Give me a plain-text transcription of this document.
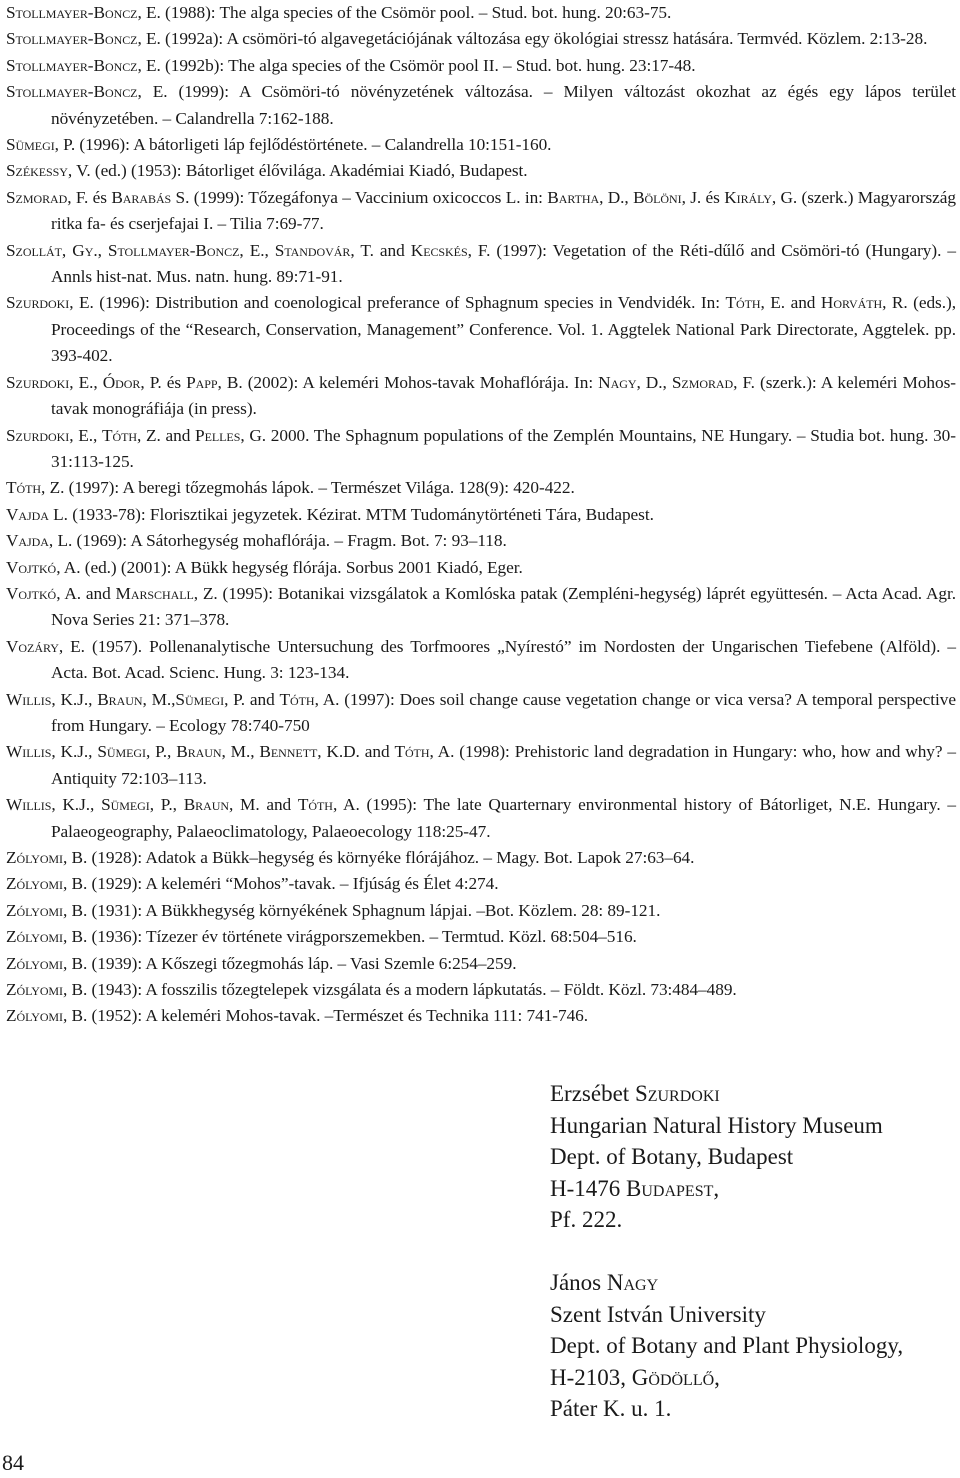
Stollmayer-Boncz, E. (1988): The alga species of the Csömör pool. – Stud. bot. hung. 20:63-75.

Stollmayer-Boncz, E. (1992a): A csömöri-tó algavegetációjának változása egy ökológiai stressz hatására. Termvéd. Közlem. 2:13-28.

Stollmayer-Boncz, E. (1992b): The alga species of the Csömör pool II. – Stud. bot. hung. 23:17-48.

Stollmayer-Boncz, E. (1999): A Csömöri-tó növényzetének változása. – Milyen változást okozhat az égés egy lápos terület növényzetében. – Calandrella 7:162-188.

Sümegi, P. (1996): A bátorligeti láp fejlődéstörténete. – Calandrella 10:151-160.

Székessy, V. (ed.) (1953): Bátorliget élővilága. Akadémiai Kiadó, Budapest.

Szmorad, F. és Barabás S. (1999): Tőzegáfonya – Vaccinium oxicoccos L. in: Bartha, D., Bölöni, J. és Király, G. (szerk.) Magyarország ritka fa- és cserjefajai I. – Tilia 7:69-77.

Szollát, Gy., Stollmayer-Boncz, E., Standovár, T. and Kecskés, F. (1997): Vegetation of the Réti-dűlő and Csömöri-tó (Hungary). – Annls hist-nat. Mus. natn. hung. 89:71-91.

Szurdoki, E. (1996): Distribution and coenological preferance of Sphagnum species in Vendvidék. In: Tóth, E. and Horváth, R. (eds.), Proceedings of the “Research, Conservation, Management” Conference. Vol. 1. Aggtelek National Park Directorate, Aggtelek. pp. 393-402.

Szurdoki, E., Ódor, P. és Papp, B. (2002): A keleméri Mohos-tavak Mohaflórája. In: Nagy, D., Szmorad, F. (szerk.): A keleméri Mohos-tavak monográfiája (in press).

Szurdoki, E., Tóth, Z. and Pelles, G. 2000. The Sphagnum populations of the Zemplén Mountains, NE Hungary. – Studia bot. hung. 30-31:113-125.

Tóth, Z. (1997): A beregi tőzegmohás lápok. – Természet Világa. 128(9): 420-422.

Vajda L. (1933-78): Florisztikai jegyzetek. Kézirat. MTM Tudománytörténeti Tára, Budapest.

Vajda, L. (1969): A Sátorhegység mohaflórája. – Fragm. Bot. 7: 93–118.

Vojtkó, A. (ed.) (2001): A Bükk hegység flórája. Sorbus 2001 Kiadó, Eger.

Vojtkó, A. and Marschall, Z. (1995): Botanikai vizsgálatok a Komlóska patak (Zempléni-hegység) láprét együttesén. – Acta Acad. Agr. Nova Series 21: 371–378.

Vozáry, E. (1957). Pollenanalytische Untersuchung des Torfmoores „Nyírestó” im Nordosten der Ungarischen Tiefebene (Alföld). – Acta. Bot. Acad. Scienc. Hung. 3: 123-134.

Willis, K.J., Braun, M.,Sümegi, P. and Tóth, A. (1997): Does soil change cause vegetation change or vica versa? A temporal perspective from Hungary. – Ecology 78:740-750

Willis, K.J., Sümegi, P., Braun, M., Bennett, K.D. and Tóth, A. (1998): Prehistoric land degradation in Hungary: who, how and why? – Antiquity 72:103–113.

Willis, K.J., Sümegi, P., Braun, M. and Tóth, A. (1995): The late Quarternary environmental history of Bátorliget, N.E. Hungary. – Palaeogeography, Palaeoclimatology, Palaeoecology 118:25-47.

Zólyomi, B. (1928): Adatok a Bükk–hegység és környéke flórájához. – Magy. Bot. Lapok 27:63–64.

Zólyomi, B. (1929): A keleméri “Mohos”-tavak. – Ifjúság és Élet 4:274.

Zólyomi, B. (1931): A Bükkhegység környékének Sphagnum lápjai. –Bot. Közlem. 28: 89-121.

Zólyomi, B. (1936): Tízezer év története virágporszemekben. – Termtud. Közl. 68:504–516.

Zólyomi, B. (1939): A Kőszegi tőzegmohás láp. – Vasi Szemle 6:254–259.

Zólyomi, B. (1943): A fosszilis tőzegtelepek vizsgálata és a modern lápkutatás. – Földt. Közl. 73:484–489.

Zólyomi, B. (1952): A keleméri Mohos-tavak. –Természet és Technika 111: 741-746.

Erzsébet Szurdoki
Hungarian Natural History Museum
Dept. of Botany, Budapest
H-1476 Budapest,
Pf. 222.
János Nagy
Szent István University
Dept. of Botany and Plant Physiology,
H-2103, Gödöllő,
Páter K. u. 1.
84
